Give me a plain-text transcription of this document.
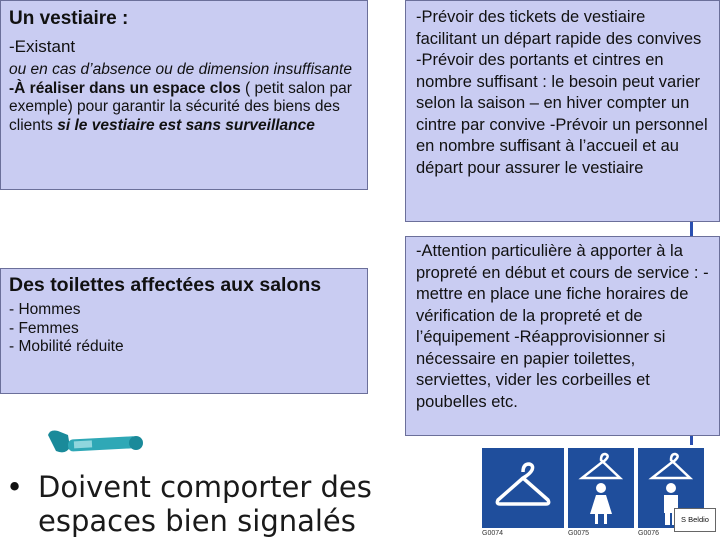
Un vestiaire :

-Existant

ou en cas d’absence ou de dimension insuffisante

-À réaliser dans un espace clos ( petit salon par exemple) pour garantir la sécurité des biens des clients si le vestiaire est sans surveillance

-Prévoir des tickets de vestiaire facilitant un départ rapide des convives -Prévoir des portants et cintres en nombre suffisant : le besoin peut varier selon la saison – en hiver compter un cintre par convive -Prévoir un personnel en nombre suffisant à l’accueil et au départ pour assurer le vestiaire

Des toilettes affectées aux salons

- Hommes

- Femmes

- Mobilité réduite

-Attention particulière à apporter à la propreté en début et cours de service : -mettre en place une fiche horaires de vérification de la propreté et de l’équipement -Réapprovisionner si nécessaire en papier toilettes, serviettes, vider les corbeilles et poubelles etc.

• Doivent comporter des espaces bien signalés	G0074	G0075	G0076
S Beldio
